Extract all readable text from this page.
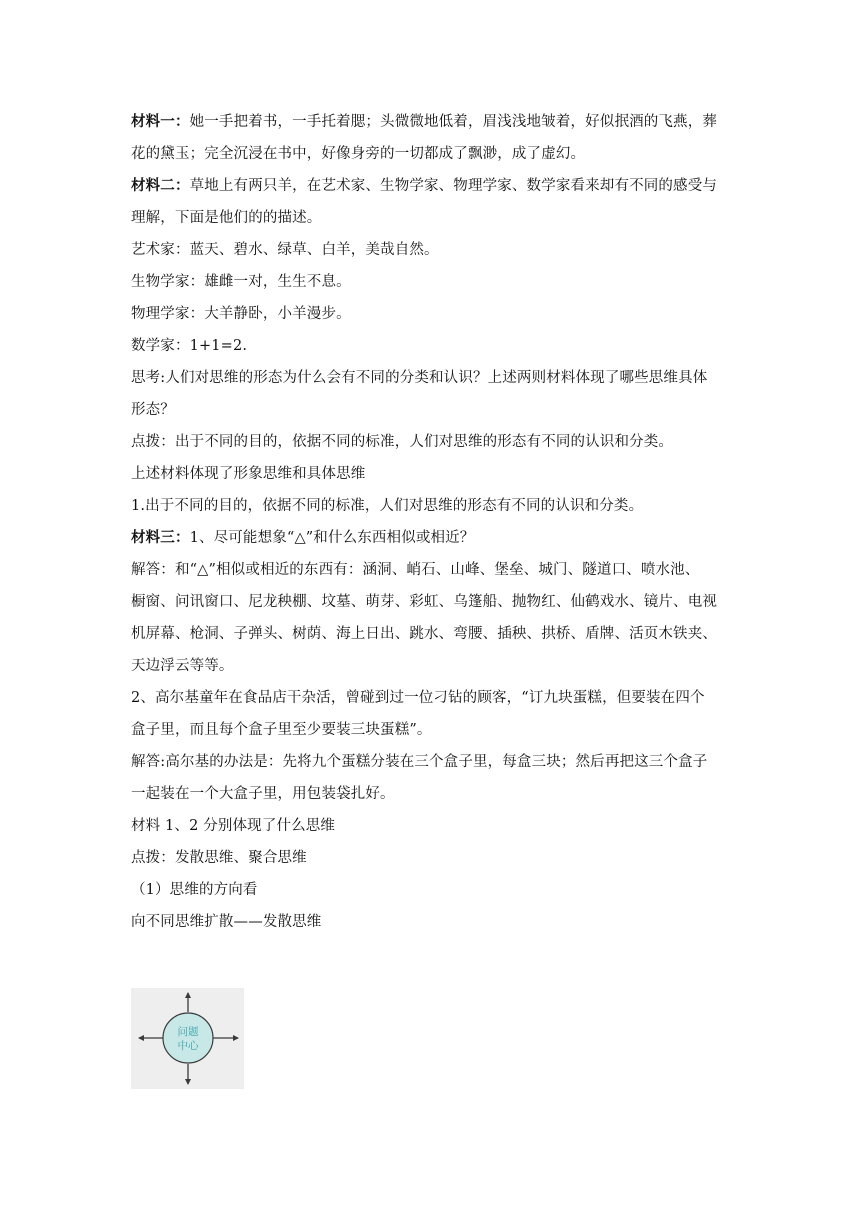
材料一：她一手把着书，一手托着腮；头微微地低着，眉浅浅地皱着，好似抿酒的飞燕，葬
花的黛玉；完全沉浸在书中，好像身旁的一切都成了飘渺，成了虚幻。

材料二：草地上有两只羊，在艺术家、生物学家、物理学家、数学家看来却有不同的感受与
理解，下面是他们的的描述。

艺术家：蓝天、碧水、绿草、白羊，美哉自然。

生物学家：雄雌一对，生生不息。

物理学家：大羊静卧，小羊漫步。

数学家：1+1=2.

思考:人们对思维的形态为什么会有不同的分类和认识？上述两则材料体现了哪些思维具体
形态？

点拨：出于不同的目的，依据不同的标准，人们对思维的形态有不同的认识和分类。

上述材料体现了形象思维和具体思维

1.出于不同的目的，依据不同的标准，人们对思维的形态有不同的认识和分类。

材料三：1、尽可能想象“△”和什么东西相似或相近？

解答：和“△”相似或相近的东西有：涵洞、峭石、山峰、堡垒、城门、隧道口、喷水池、
橱窗、问讯窗口、尼龙秧棚、坟墓、萌芽、彩虹、乌篷船、抛物红、仙鹤戏水、镜片、电视
机屏幕、枪洞、子弹头、树荫、海上日出、跳水、弯腰、插秧、拱桥、盾牌、活页木铁夹、
天边浮云等等。

2、高尔基童年在食品店干杂活，曾碰到过一位刁钻的顾客，“订九块蛋糕，但要装在四个
盒子里，而且每个盒子里至少要装三块蛋糕”。

解答:高尔基的办法是：先将九个蛋糕分装在三个盒子里，每盒三块；然后再把这三个盒子
一起装在一个大盒子里，用包装袋扎好。

材料 1、2 分别体现了什么思维

点拨：发散思维、聚合思维

（1）思维的方向看

向不同思维扩散——发散思维

问题
中心
